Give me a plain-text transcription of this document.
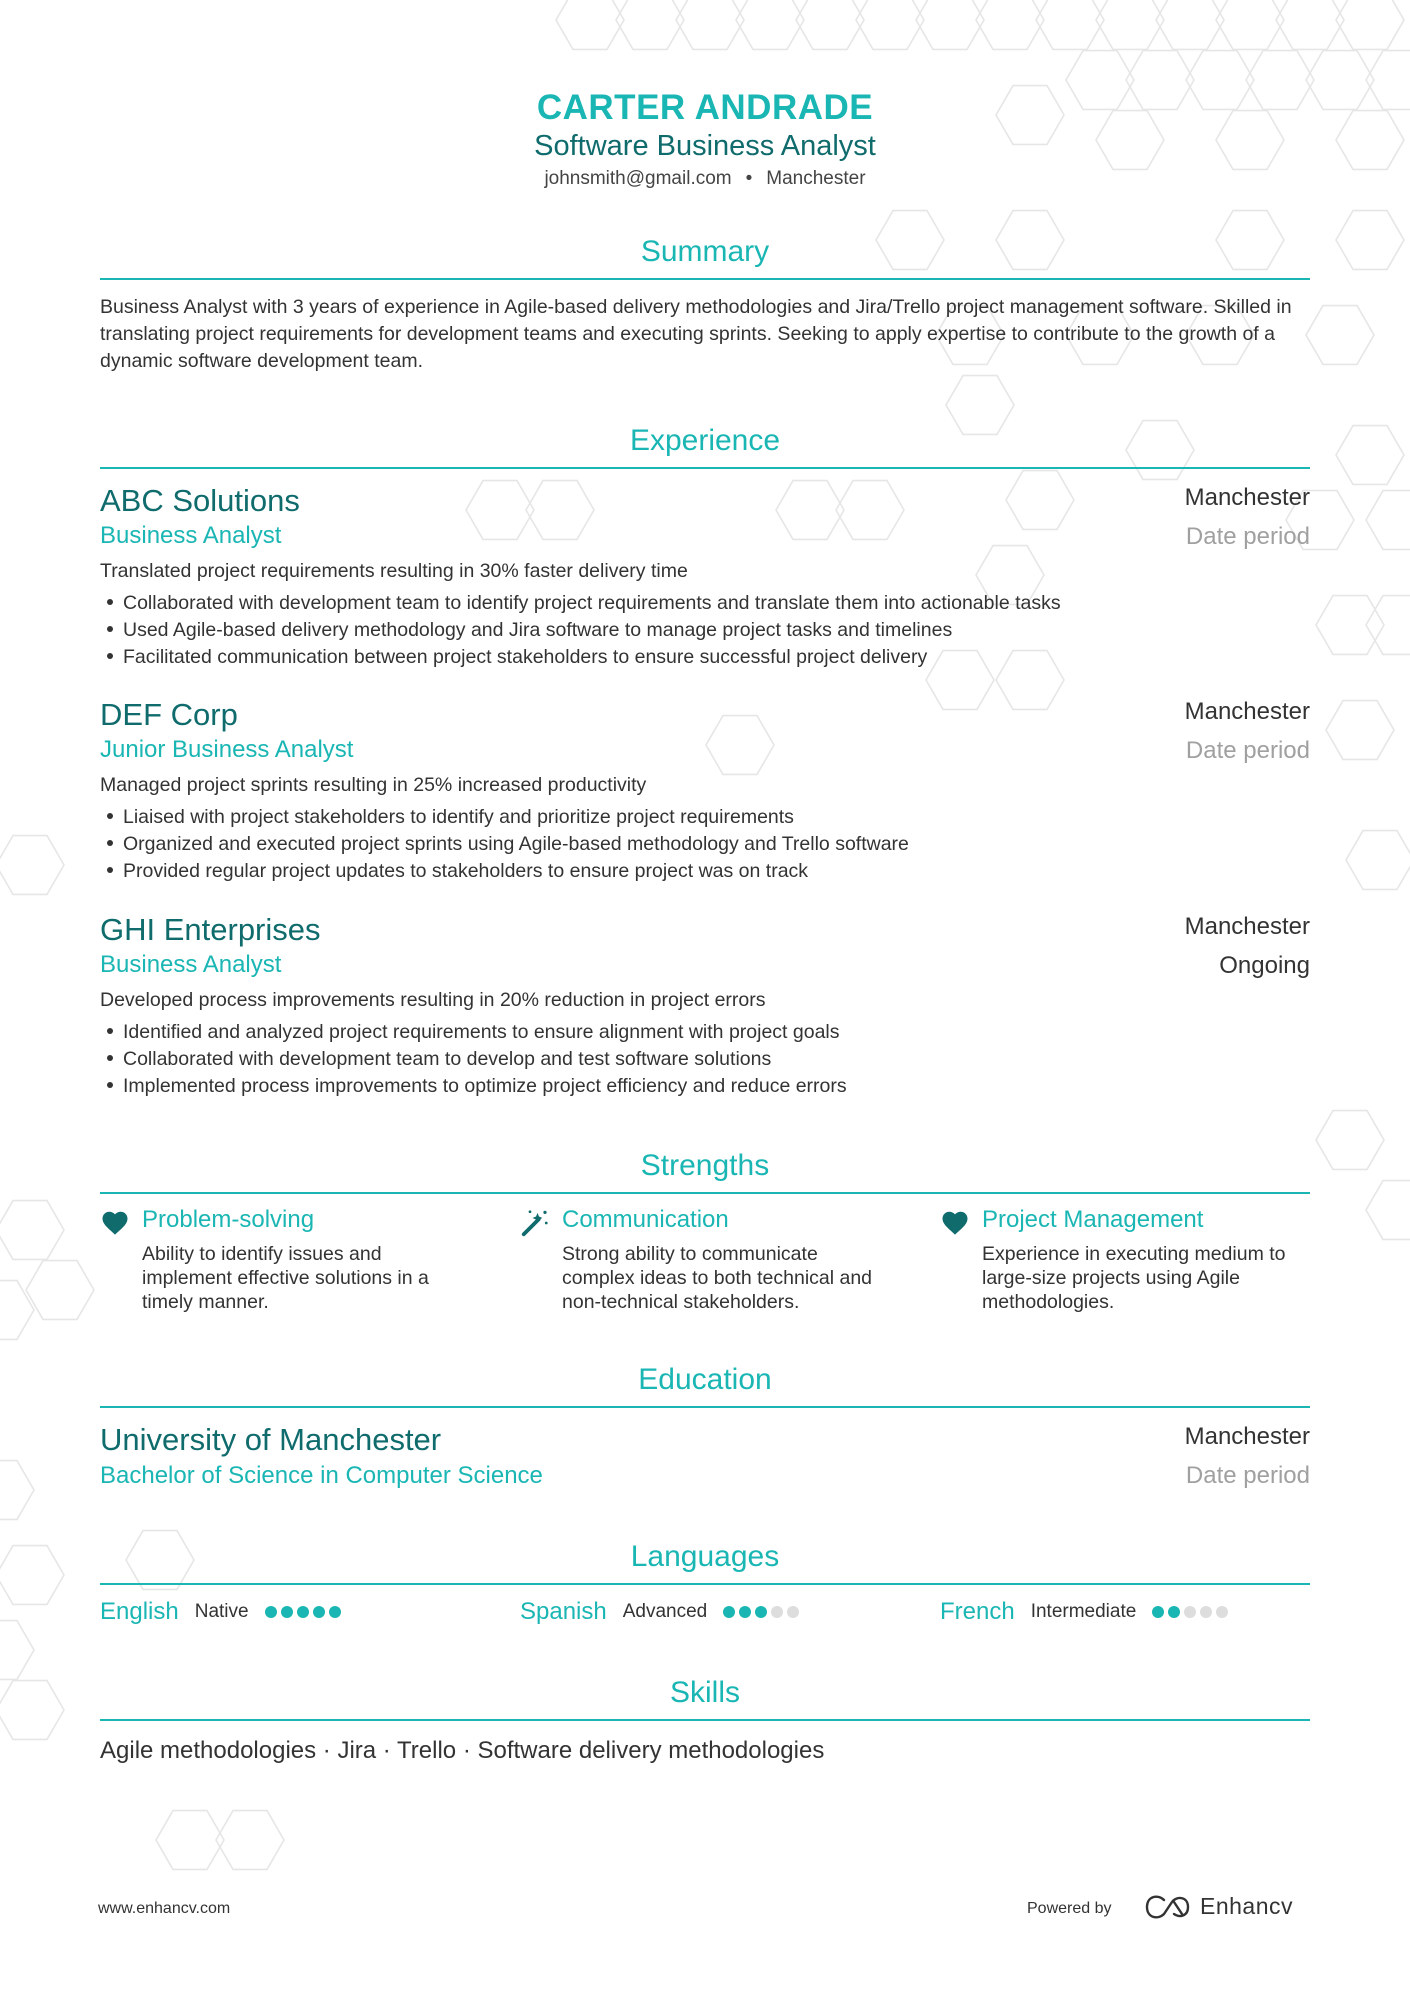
CARTER ANDRADE
Software Business Analyst
johnsmith@gmail.com • Manchester
Summary
Business Analyst with 3 years of experience in Agile-based delivery methodologies and Jira/Trello project management software. Skilled in translating project requirements for development teams and executing sprints. Seeking to apply expertise to contribute to the growth of a dynamic software development team.
Experience
ABC Solutions	Manchester
Business Analyst	Date period
Translated project requirements resulting in 30% faster delivery time
Collaborated with development team to identify project requirements and translate them into actionable tasks
Used Agile-based delivery methodology and Jira software to manage project tasks and timelines
Facilitated communication between project stakeholders to ensure successful project delivery
DEF Corp	Manchester
Junior Business Analyst	Date period
Managed project sprints resulting in 25% increased productivity
Liaised with project stakeholders to identify and prioritize project requirements
Organized and executed project sprints using Agile-based methodology and Trello software
Provided regular project updates to stakeholders to ensure project was on track
GHI Enterprises	Manchester
Business Analyst	Ongoing
Developed process improvements resulting in 20% reduction in project errors
Identified and analyzed project requirements to ensure alignment with project goals
Collaborated with development team to develop and test software solutions
Implemented process improvements to optimize project efficiency and reduce errors
Strengths
Problem-solving
Ability to identify issues and implement effective solutions in a timely manner.
Communication
Strong ability to communicate complex ideas to both technical and non-technical stakeholders.
Project Management
Experience in executing medium to large-size projects using Agile methodologies.
Education
University of Manchester	Manchester
Bachelor of Science in Computer Science	Date period
Languages
English Native	Spanish Advanced	French Intermediate
Skills
Agile methodologies · Jira · Trello · Software delivery methodologies
www.enhancv.com	Powered by	Enhancv
